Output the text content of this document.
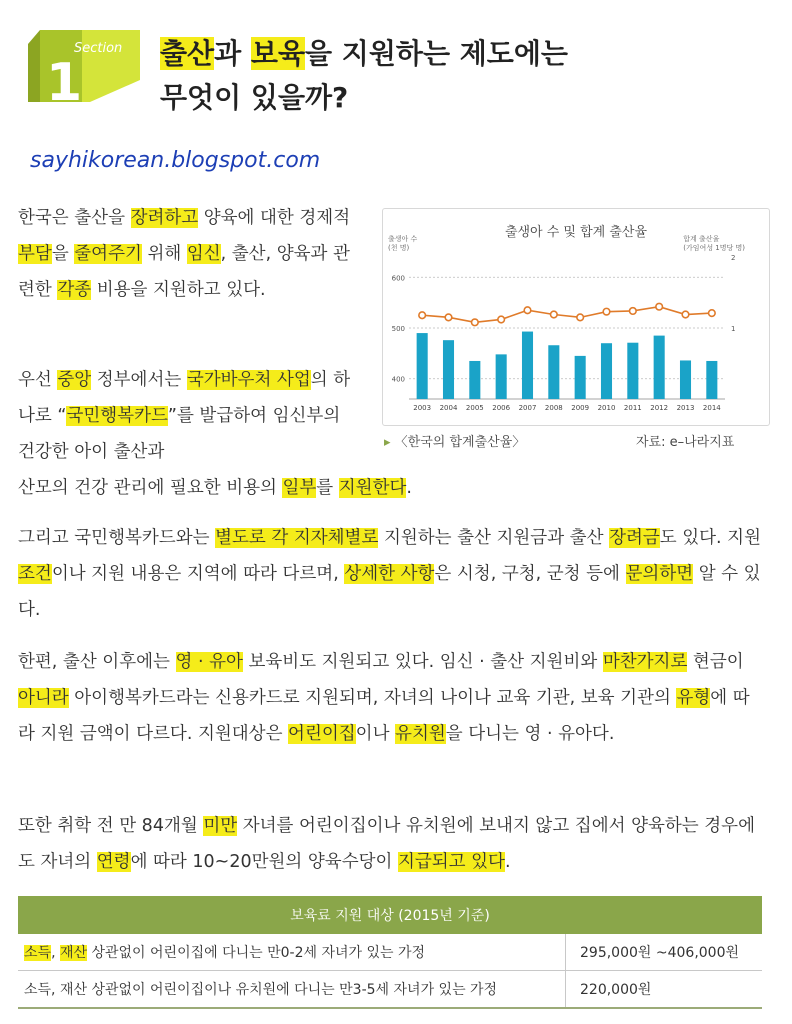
Section
1	출산과 보육을 지원하는 제도에는
무엇이 있을까?
sayhikorean.blogspot.com

한국은 출산을 장려하고 양육에 대한 경제적 부담을 줄여주기 위해 임신, 출산, 양육과 관련한 각종 비용을 지원하고 있다.

우선 중앙 정부에서는 국가바우처 사업의 하나로 “국민행복카드”를 발급하여 임신부의 건강한 아이 출산과

산모의 건강 관리에 필요한 비용의 일부를 지원한다.

출생아 수 및 합계 출산율
출생아 수
(천 명)
합계 출산율
(가임여성 1명당 명)
400
500
600
1
2
2003 2004 2005 2006 2007 2008 2009 2010 2011 2012 2013 2014
▸ 〈한국의 합계출산율〉	자료: e–나라지표

그리고 국민행복카드와는 별도로 각 지자체별로 지원하는 출산 지원금과 출산 장려금도 있다. 지원 조건이나 지원 내용은 지역에 따라 다르며, 상세한 사항은 시청, 구청, 군청 등에 문의하면 알 수 있다.

한편, 출산 이후에는 영 · 유아 보육비도 지원되고 있다. 임신 · 출산 지원비와 마찬가지로 현금이 아니라 아이행복카드라는 신용카드로 지원되며, 자녀의 나이나 교육 기관, 보육 기관의 유형에 따라 지원 금액이 다르다. 지원대상은 어린이집이나 유치원을 다니는 영 · 유아다.

또한 취학 전 만 84개월 미만 자녀를 어린이집이나 유치원에 보내지 않고 집에서 양육하는 경우에도 자녀의 연령에 따라 10~20만원의 양육수당이 지급되고 있다.

보육료 지원 대상 (2015년 기준)	
소득, 재산 상관없이 어린이집에 다니는 만0-2세 자녀가 있는 가정	295,000원 ~406,000원
소득, 재산 상관없이 어린이집이나 유치원에 다니는 만3-5세 자녀가 있는 가정	220,000원
